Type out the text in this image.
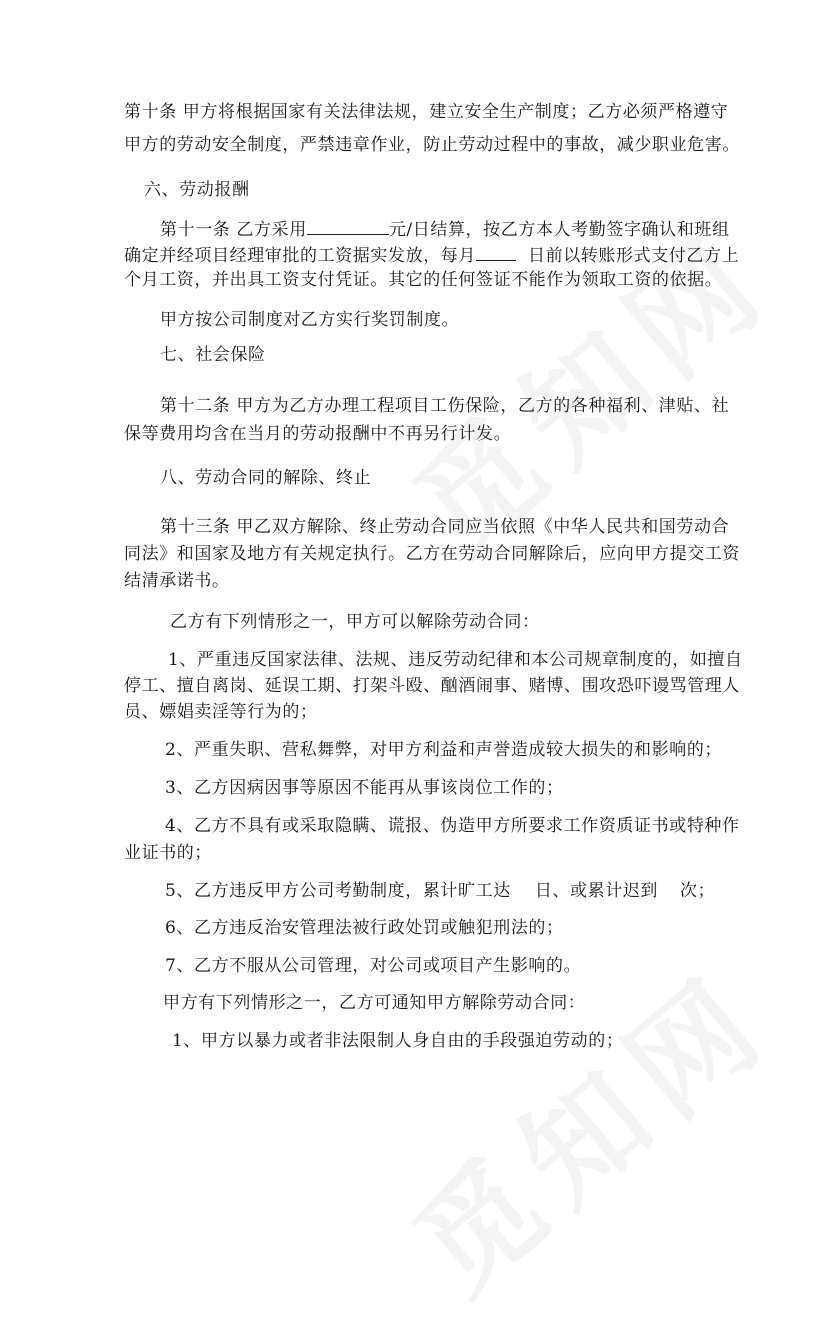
第十条 甲方将根据国家有关法律法规，建立安全生产制度；乙方必须严格遵守
甲方的劳动安全制度，严禁违章作业，防止劳动过程中的事故，减少职业危害。
六、劳动报酬
第十一条 乙方采用	元/日结算，按乙方本人考勤签字确认和班组
确定并经项目经理审批的工资据实发放，每月	日前以转账形式支付乙方上
个月工资，并出具工资支付凭证。其它的任何签证不能作为领取工资的依据。
甲方按公司制度对乙方实行奖罚制度。
七、社会保险
第十二条 甲方为乙方办理工程项目工伤保险，乙方的各种福利、津贴、社
保等费用均含在当月的劳动报酬中不再另行计发。
八、劳动合同的解除、终止
第十三条 甲乙双方解除、终止劳动合同应当依照《中华人民共和国劳动合
同法》和国家及地方有关规定执行。乙方在劳动合同解除后，应向甲方提交工资
结清承诺书。
乙方有下列情形之一，甲方可以解除劳动合同：
1、严重违反国家法律、法规、违反劳动纪律和本公司规章制度的，如擅自
停工、擅自离岗、延误工期、打架斗殴、酗酒闹事、赌博、围攻恐吓谩骂管理人
员、嫖娼卖淫等行为的；
2、严重失职、营私舞弊，对甲方利益和声誉造成较大损失的和影响的；
3、乙方因病因事等原因不能再从事该岗位工作的；
4、乙方不具有或采取隐瞒、谎报、伪造甲方所要求工作资质证书或特种作
业证书的；
5、乙方违反甲方公司考勤制度，累计旷工达 日、或累计迟到 次；
6、乙方违反治安管理法被行政处罚或触犯刑法的；
7、乙方不服从公司管理，对公司或项目产生影响的。
甲方有下列情形之一，乙方可通知甲方解除劳动合同：
1、甲方以暴力或者非法限制人身自由的手段强迫劳动的；
